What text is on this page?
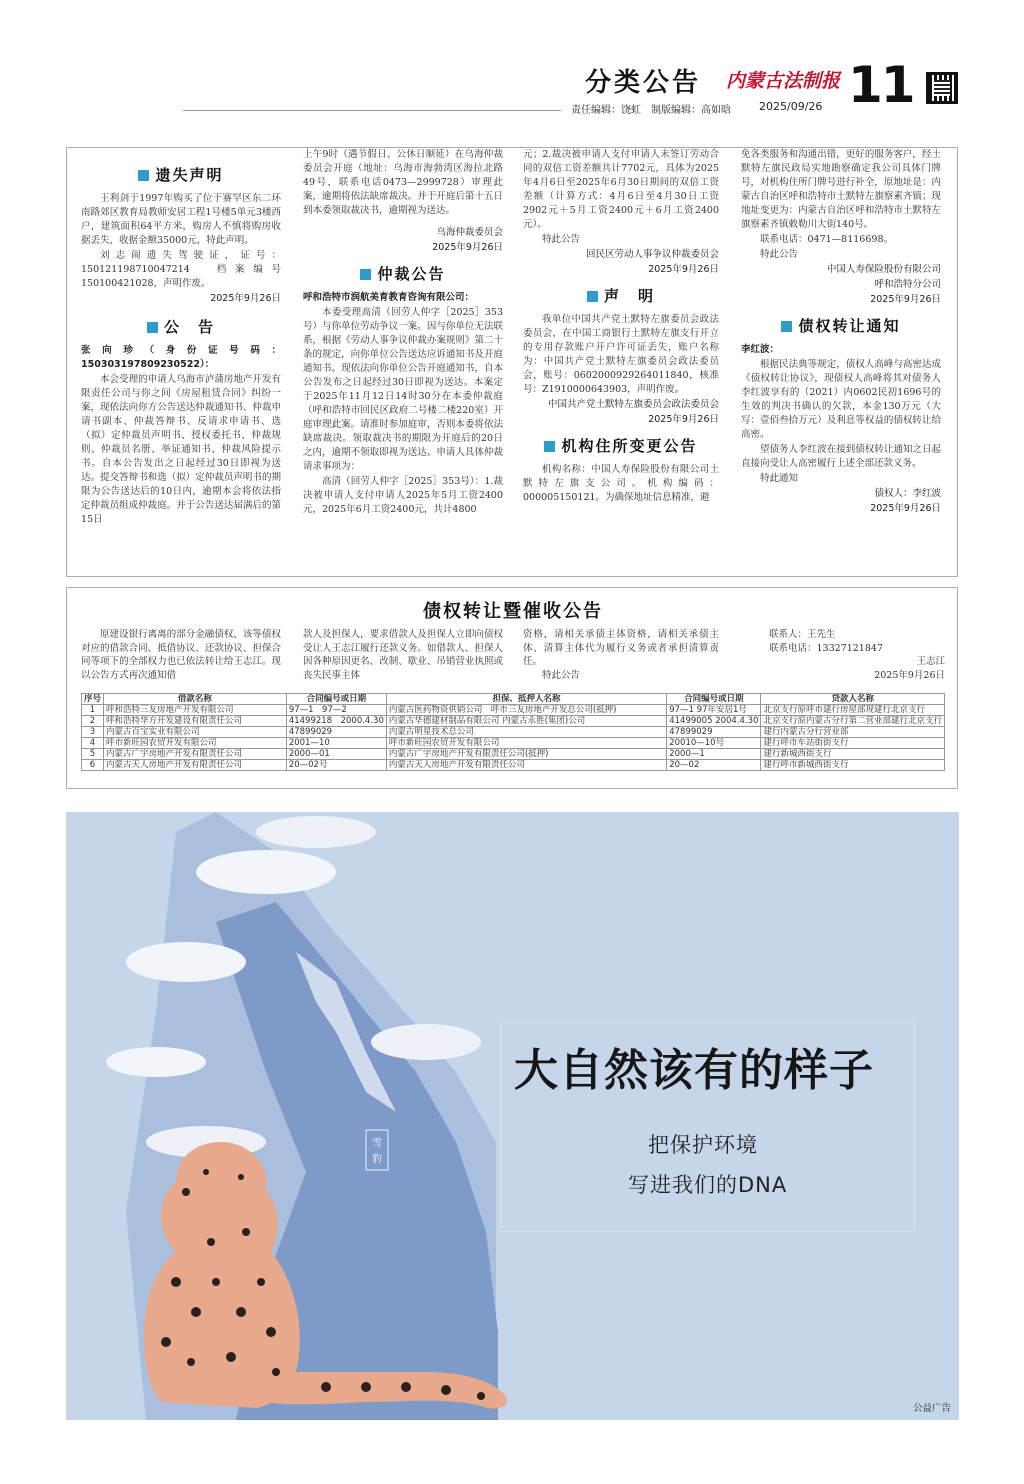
分类公告 内蒙古法制报 11
责任编辑：饶虹　制版编辑：高如晗	2025/09/26
遗失声明

王利剑于1997年购买了位于赛罕区东二环南路郊区教育局教师安居工程1号楼5单元3楼西户，建筑面积64平方米，购房人不慎将购房收据丢失，收据金额35000元，特此声明。

刘志闹遗失驾驶证，证号：150121198710047214　档案编号150100421028，声明作废。

2025年9月26日

公　告

张向珍（身份证号码：150303197809230522）：

本会受理的申请人乌海市泸蒲房地产开发有限责任公司与你之间《房屋租赁合同》纠纷一案，现依法向你方公告送达仲裁通知书、仲裁申请书副本、仲裁答辩书、反请求申请书、选（拟）定仲裁员声明书、授权委托书、仲裁规则、仲裁员名册、举证通知书、仲裁风险提示书。自本公告发出之日起经过30日即视为送达。提交答辩书和选（拟）定仲裁员声明书的期限为公告送达后的10日内，逾期本会将依法指定仲裁员组成仲裁庭。并于公告送达届满后的第15日

上午9时（遇节假日、公休日顺延）在乌海仲裁委员会开庭（地址：乌海市海勃湾区海拉北路49号，联系电话0473—2999728）审理此案，逾期将依法缺席裁决。并于开庭后第十五日到本委领取裁决书，逾期视为送达。

乌海仲裁委员会

2025年9月26日

仲裁公告

呼和浩特市润航美育教育咨询有限公司：

本委受理高清（回劳人仲字［2025］353号）与你单位劳动争议一案。因与你单位无法联系，根据《劳动人事争议仲裁办案规则》第二十条的规定，向你单位公告送达应诉通知书及开庭通知书。现依法向你单位公告开庭通知书，自本公告发布之日起经过30日即视为送达。本案定于2025年11月12日14时30分在本委仲裁庭（呼和浩特市回民区政府二号楼二楼220室）开庭审理此案。请准时参加庭审，否则本委将依法缺席裁决。领取裁决书的期限为开庭后的20日之内，逾期不领取即视为送达。申请人具体仲裁请求事项为：

高清（回劳人仲字［2025］353号）：1.裁决被申请人支付申请人2025年5月工资2400元，2025年6月工资2400元，共计4800

元；2.裁决被申请人支付申请人未签订劳动合同的双倍工资差额共计7702元，具体为2025年4月6日至2025年6月30日期间的双倍工资差额（计算方式：4月6日至4月30日工资2902元＋5月工资2400元＋6月工资2400元）。

特此公告

回民区劳动人事争议仲裁委员会

2025年9月26日

声　明

我单位中国共产党土默特左旗委员会政法委员会，在中国工商银行土默特左旗支行开立的专用存款账户开户许可证丢失，账户名称为：中国共产党土默特左旗委员会政法委员会，账号：0602000929264011840，核准号：Z1910000643903，声明作废。

中国共产党土默特左旗委员会政法委员会

2025年9月26日

机构住所变更公告

机构名称：中国人寿保险股份有限公司土默特左旗支公司。机构编码：000005150121。为确保地址信息精准，避

免各类服务和沟通出错，更好的服务客户，经土默特左旗民政局实地勘察确定我公司具体门牌号，对机构住所门牌号进行补全，原地址是：内蒙古自治区呼和浩特市土默特左旗察素齐镇；现地址变更为：内蒙古自治区呼和浩特市土默特左旗察素齐镇敕勒川大街140号。

联系电话：0471—8116698。

特此公告

中国人寿保险股份有限公司

呼和浩特分公司

2025年9月26日

债权转让通知

李红波：

根据民法典等规定，债权人高峰与高密达成《债权转让协议》，现债权人高峰将其对债务人李红波享有的（2021）内0602民初1696号的生效的判决书确认的欠款，本金130万元（大写：壹佰叁拾万元）及利息等权益的债权转让给高密。

望债务人李红波在接到债权转让通知之日起直接向受让人高密履行上述全部还款义务。

特此通知

债权人：李红波

2025年9月26日

债权转让暨催收公告

原建设银行离离的部分金融债权，该等债权对应的借款合同、抵借协议、还款协议、担保合同等项下的全部权力也已依法转让给王志江。现以公告方式再次通知借

款人及担保人，要求借款人及担保人立即向债权受让人王志江履行还款义务。如借款人、担保人因各种原因更名、改制、歇业、吊销营业执照或丧失民事主体

资格，请相关承债主体资格，请相关承债主体、清算主体代为履行义务或者承担清算责任。

特此公告

联系人：王先生

联系电话：13327121847

王志江

2025年9月26日

序号	借款名称	合同编号或日期	担保、抵押人名称	合同编号或日期	贷款人名称
1	呼和浩特三友房地产开发有限公司	97—1　97—2	内蒙古医药物资供销公司　呼市三友房地产开发总公司(抵押)	97—1 97年安居1号	北京支行原呼市建行房屋部现建行北京支行
2	呼和浩特华方开发建设有限责任公司	41499218　2000.4.30	内蒙古华德建材制品有限公司 内蒙古永胜(集团)公司	41499005 2004.4.30	北京支行原内蒙古分行第二营业部建行北京支行
3	内蒙古百宝实业有限公司	47899029	内蒙古明星技术总公司	47899029	建行内蒙古分行营业部
4	呼市新旺园农贸开发有限公司	2001—10	呼市新旺园农贸开发有限公司	20010—10号	建行呼市车站街街支行
5	内蒙古广宇房地产开发有限责任公司	2000—01	内蒙古广宇房地产开发有限责任公司(抵押)	2000—1	建行新城西街支行
6	内蒙古天人房地产开发有限责任公司	20—02号	内蒙古天人房地产开发有限责任公司	20—02	建行呼市新城西街支行
雪
豹
大自然该有的样子
把保护环境
写进我们的DNA
公益广告
